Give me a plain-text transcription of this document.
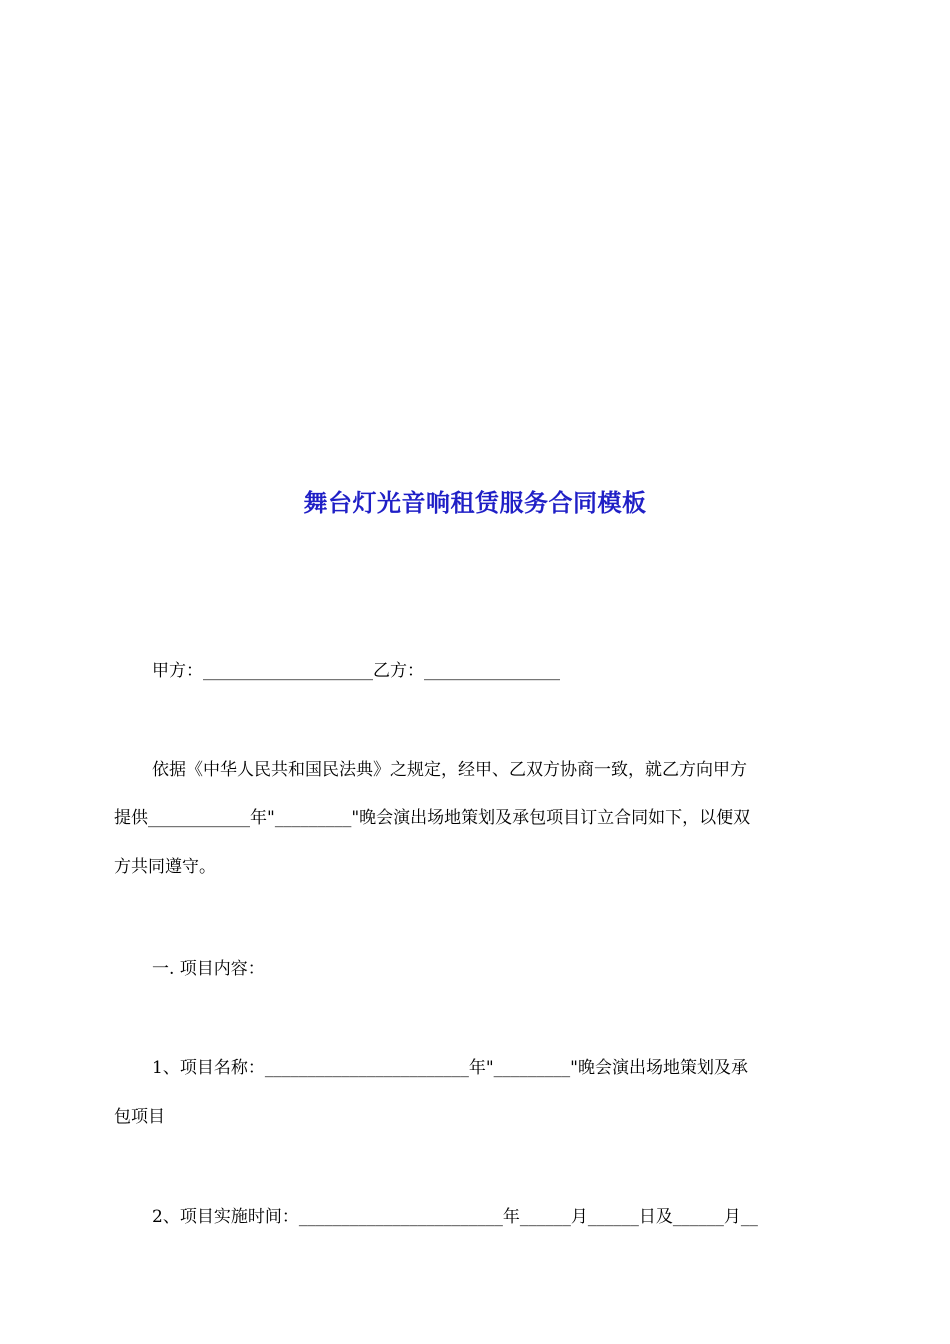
舞台灯光音响租赁服务合同模板
甲方：____________________乙方：________________
依据《中华人民共和国民法典》之规定，经甲、乙双方协商一致，就乙方向甲方
提供____________年"_________"晚会演出场地策划及承包项目订立合同如下，以便双
方共同遵守。
一. 项目内容：
1、项目名称：________________________年"_________"晚会演出场地策划及承
包项目
2、项目实施时间：________________________年______月______日及______月__
